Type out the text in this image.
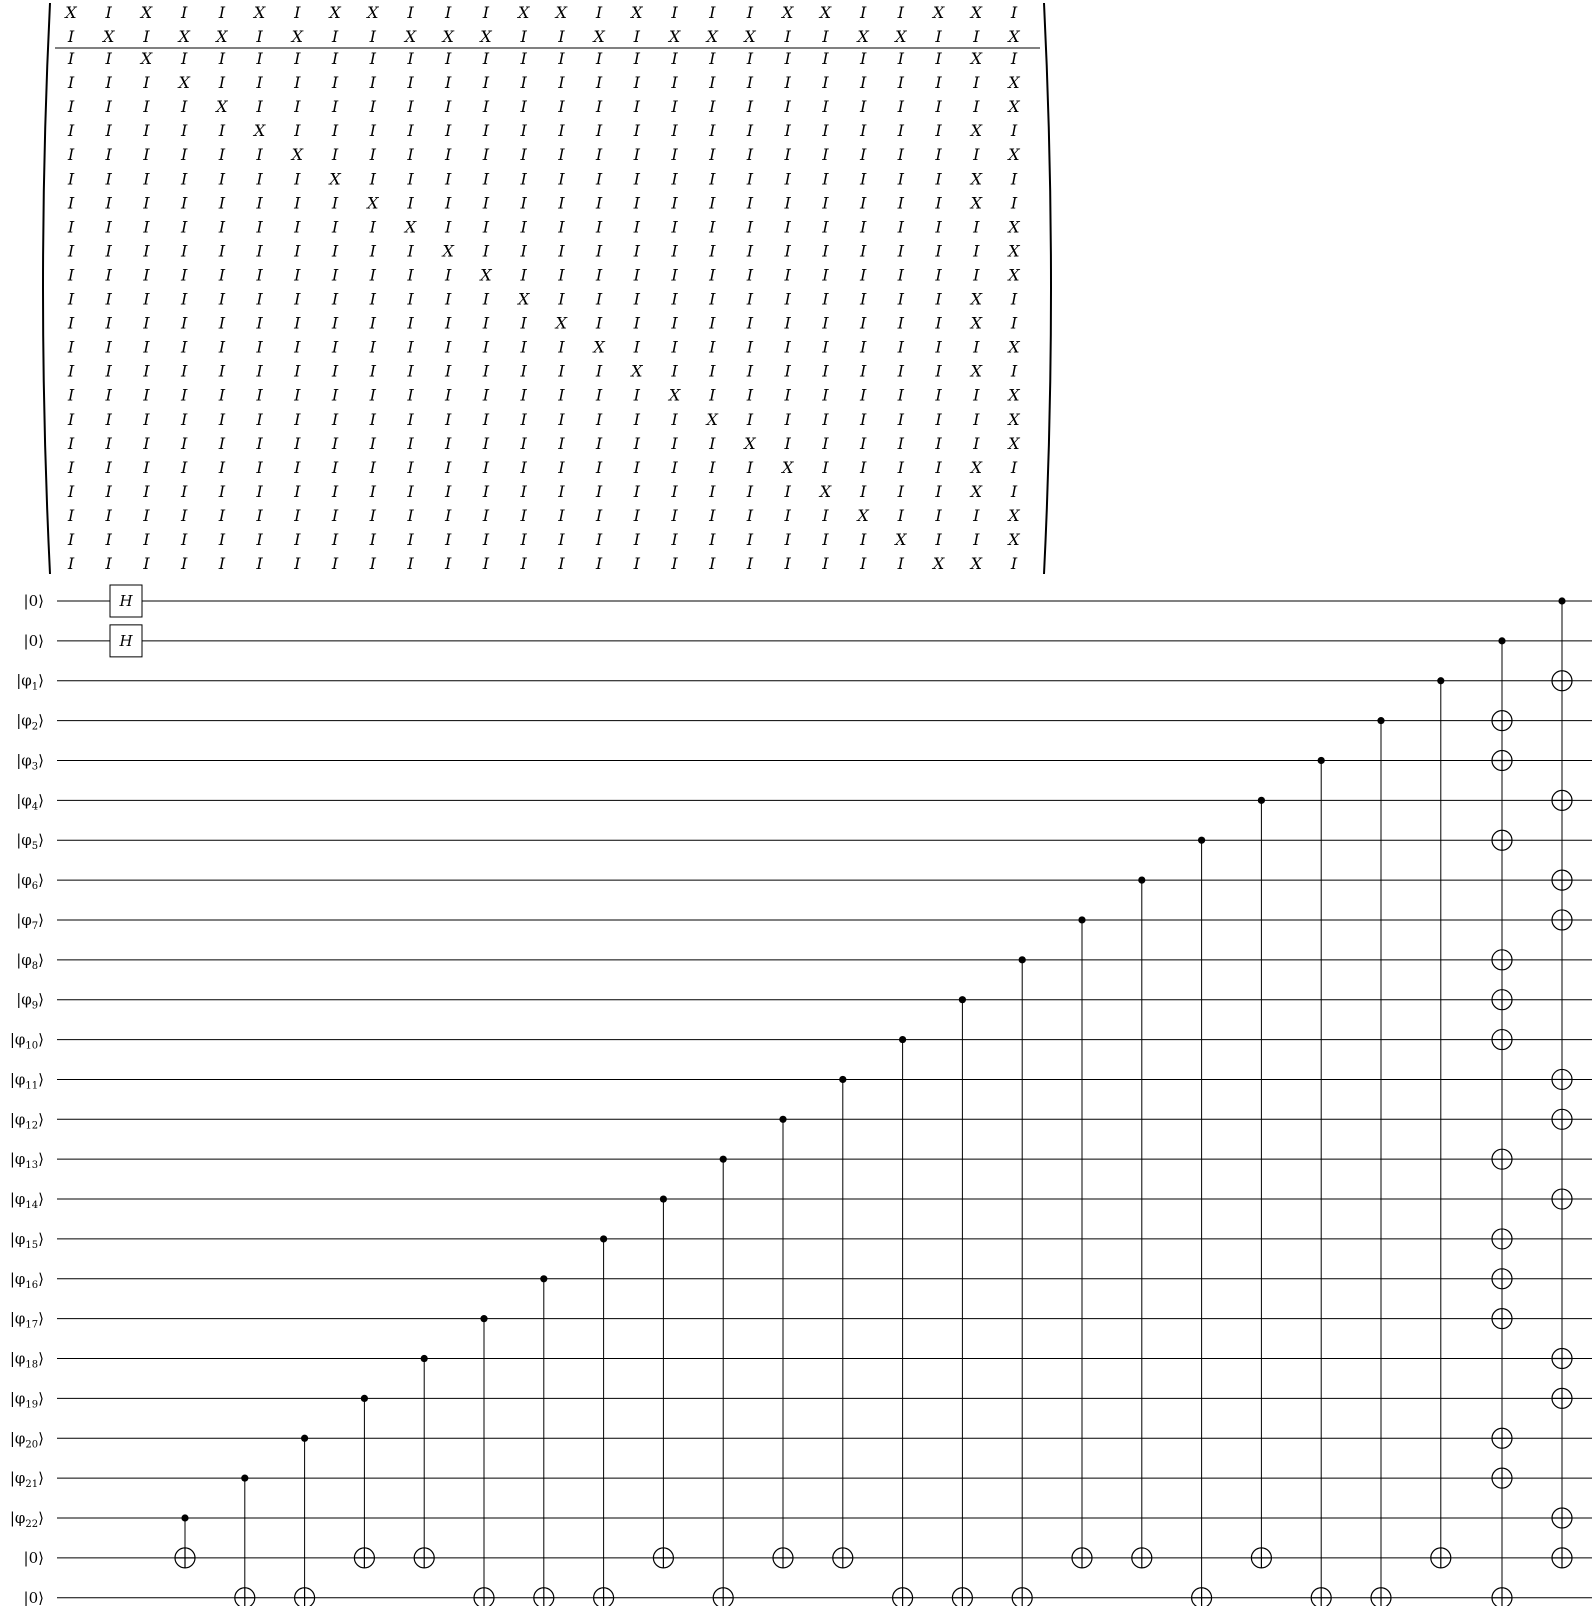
X I X I I X I X X I I I X X I X I I I X X I I X X I
I X I X X I X I I X X X I I X I X X X I I X X I I X
I I X I I I I I I I I I I I I I I I I I I I I I X I
I I I X I I I I I I I I I I I I I I I I I I I I I X
I I I I X I I I I I I I I I I I I I I I I I I I I X
I I I I I X I I I I I I I I I I I I I I I I I I X I
I I I I I I X I I I I I I I I I I I I I I I I I I X
I I I I I I I X I I I I I I I I I I I I I I I I X I
I I I I I I I I X I I I I I I I I I I I I I I I X I
I I I I I I I I I X I I I I I I I I I I I I I I I X
I I I I I I I I I I X I I I I I I I I I I I I I I X
I I I I I I I I I I I X I I I I I I I I I I I I I X
I I I I I I I I I I I I X I I I I I I I I I I I X I
I I I I I I I I I I I I I X I I I I I I I I I I X I
I I I I I I I I I I I I I I X I I I I I I I I I I X
I I I I I I I I I I I I I I I X I I I I I I I I X I
I I I I I I I I I I I I I I I I X I I I I I I I I X
I I I I I I I I I I I I I I I I I X I I I I I I I X
I I I I I I I I I I I I I I I I I I X I I I I I I X
I I I I I I I I I I I I I I I I I I I X I I I I X I
I I I I I I I I I I I I I I I I I I I I X I I I X I
I I I I I I I I I I I I I I I I I I I I I X I I I X
I I I I I I I I I I I I I I I I I I I I I I X I I X
I I I I I I I I I I I I I I I I I I I I I I I X X I
|0⟩
|0⟩
$|\varphi_1⟩$
$|\varphi_2⟩$
$|\varphi_3⟩$
$|\varphi_4⟩$
$|\varphi_5⟩$
$|\varphi_6⟩$
$|\varphi_7⟩$
$|\varphi_8⟩$
$|\varphi_9⟩$
$|\varphi_{10}⟩$
$|\varphi_{11}⟩$
$|\varphi_{12}⟩$
$|\varphi_{13}⟩$
$|\varphi_{14}⟩$
$|\varphi_{15}⟩$
$|\varphi_{16}⟩$
$|\varphi_{17}⟩$
$|\varphi_{18}⟩$
$|\varphi_{19}⟩$
$|\varphi_{20}⟩$
$|\varphi_{21}⟩$
$|\varphi_{22}⟩$
|0⟩
|0⟩
H
H
